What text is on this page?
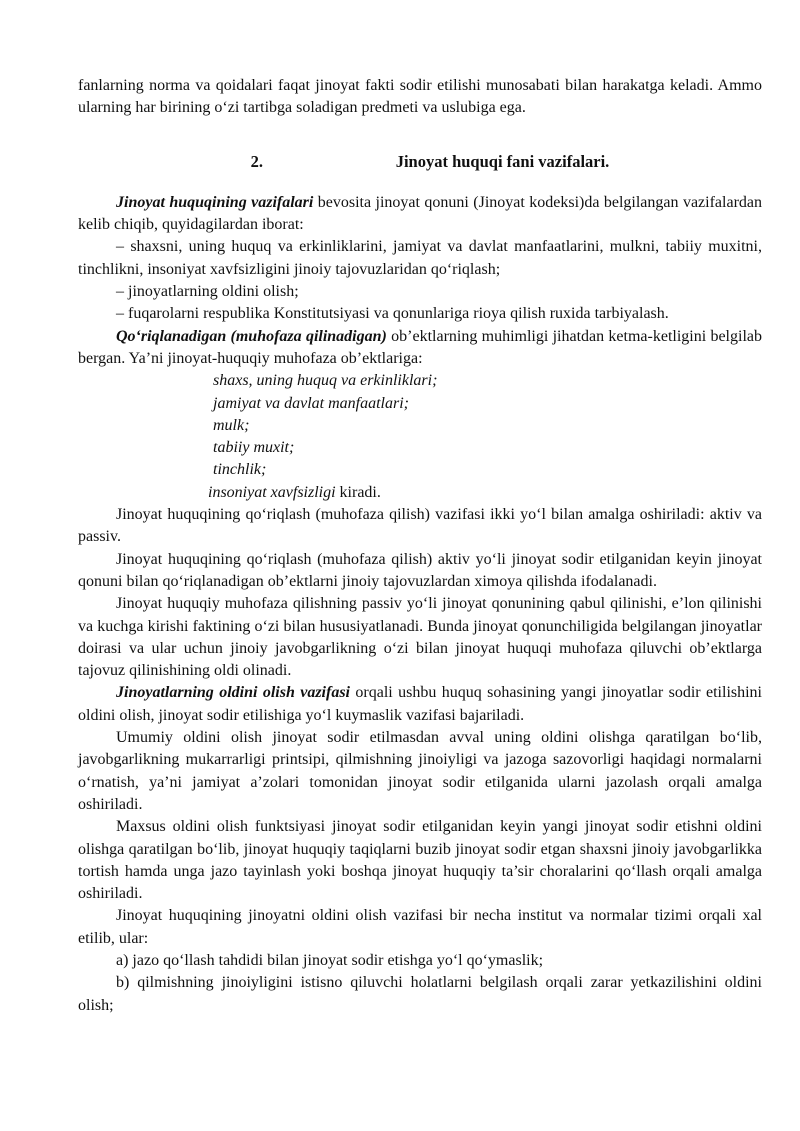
fanlarning norma va qoidalari faqat jinoyat fakti sodir etilishi munosabati bilan harakatga keladi. Ammo ularning har birining o‘zi tartibga soladigan predmeti va uslubiga ega.

2.	Jinoyat huquqi fani vazifalari.

Jinoyat huquqining vazifalari bevosita jinoyat qonuni (Jinoyat kodeksi)da belgilangan vazifalardan kelib chiqib, quyidagilardan iborat:

– shaxsni, uning huquq va erkinliklarini, jamiyat va davlat manfaatlarini, mulkni, tabiiy muxitni, tinchlikni, insoniyat xavfsizligini jinoiy tajovuzlaridan qo‘riqlash;

– jinoyatlarning oldini olish;

– fuqarolarni respublika Konstitutsiyasi va qonunlariga rioya qilish ruxida tarbiyalash.

Qo‘riqlanadigan (muhofaza qilinadigan) ob’ektlarning muhimligi jihatdan ketma-ketligini belgilab bergan. Ya’ni jinoyat-huquqiy muhofaza ob’ektlariga:

shaxs, uning huquq va erkinliklari;

jamiyat va davlat manfaatlari;

mulk;

tabiiy muxit;

tinchlik;

insoniyat xavfsizligi kiradi.

Jinoyat huquqining qo‘riqlash (muhofaza qilish) vazifasi ikki yo‘l bilan amalga oshiriladi: aktiv va passiv.

Jinoyat huquqining qo‘riqlash (muhofaza qilish) aktiv yo‘li jinoyat sodir etilganidan keyin jinoyat qonuni bilan qo‘riqlanadigan ob’ektlarni jinoiy tajovuzlardan ximoya qilishda ifodalanadi.

Jinoyat huquqiy muhofaza qilishning passiv yo‘li jinoyat qonunining qabul qilinishi, e’lon qilinishi va kuchga kirishi faktining o‘zi bilan hususiyatlanadi. Bunda jinoyat qonunchiligida belgilangan jinoyatlar doirasi va ular uchun jinoiy javobgarlikning o‘zi bilan jinoyat huquqi muhofaza qiluvchi ob’ektlarga tajovuz qilinishining oldi olinadi.

Jinoyatlarning oldini olish vazifasi orqali ushbu huquq sohasining yangi jinoyatlar sodir etilishini oldini olish, jinoyat sodir etilishiga yo‘l kuymaslik vazifasi bajariladi.

Umumiy oldini olish jinoyat sodir etilmasdan avval uning oldini olishga qaratilgan bo‘lib, javobgarlikning mukarrarligi printsipi, qilmishning jinoiyligi va jazoga sazovorligi haqidagi normalarni o‘rnatish, ya’ni jamiyat a’zolari tomonidan jinoyat sodir etilganida ularni jazolash orqali amalga oshiriladi.

Maxsus oldini olish funktsiyasi jinoyat sodir etilganidan keyin yangi jinoyat sodir etishni oldini olishga qaratilgan bo‘lib, jinoyat huquqiy taqiqlarni buzib jinoyat sodir etgan shaxsni jinoiy javobgarlikka tortish hamda unga jazo tayinlash yoki boshqa jinoyat huquqiy ta’sir choralarini qo‘llash orqali amalga oshiriladi.

Jinoyat huquqining jinoyatni oldini olish vazifasi bir necha institut va normalar tizimi orqali xal etilib, ular:

a) jazo qo‘llash tahdidi bilan jinoyat sodir etishga yo‘l qo‘ymaslik;

b) qilmishning jinoiyligini istisno qiluvchi holatlarni belgilash orqali zarar yetkazilishini oldini olish;
